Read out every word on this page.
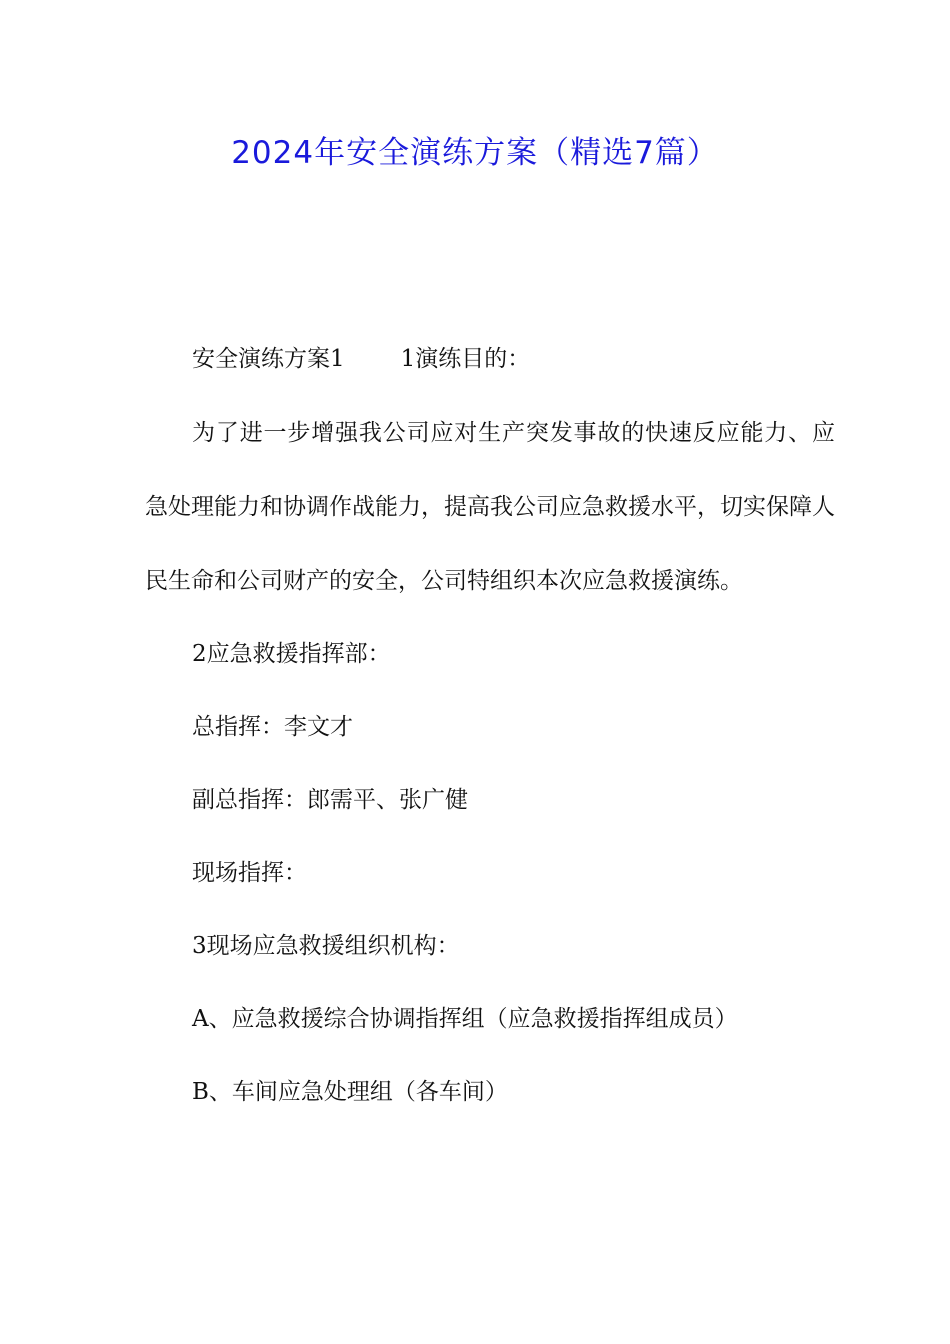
2024年安全演练方案（精选7篇）

安全演练方案1 1演练目的：

为了进一步增强我公司应对生产突发事故的快速反应能力、应急处理能力和协调作战能力，提高我公司应急救援水平，切实保障人民生命和公司财产的安全，公司特组织本次应急救援演练。

2应急救援指挥部：

总指挥：李文才

副总指挥：郎需平、张广健

现场指挥：

3现场应急救援组织机构：

A、应急救援综合协调指挥组（应急救援指挥组成员）

B、车间应急处理组（各车间）
